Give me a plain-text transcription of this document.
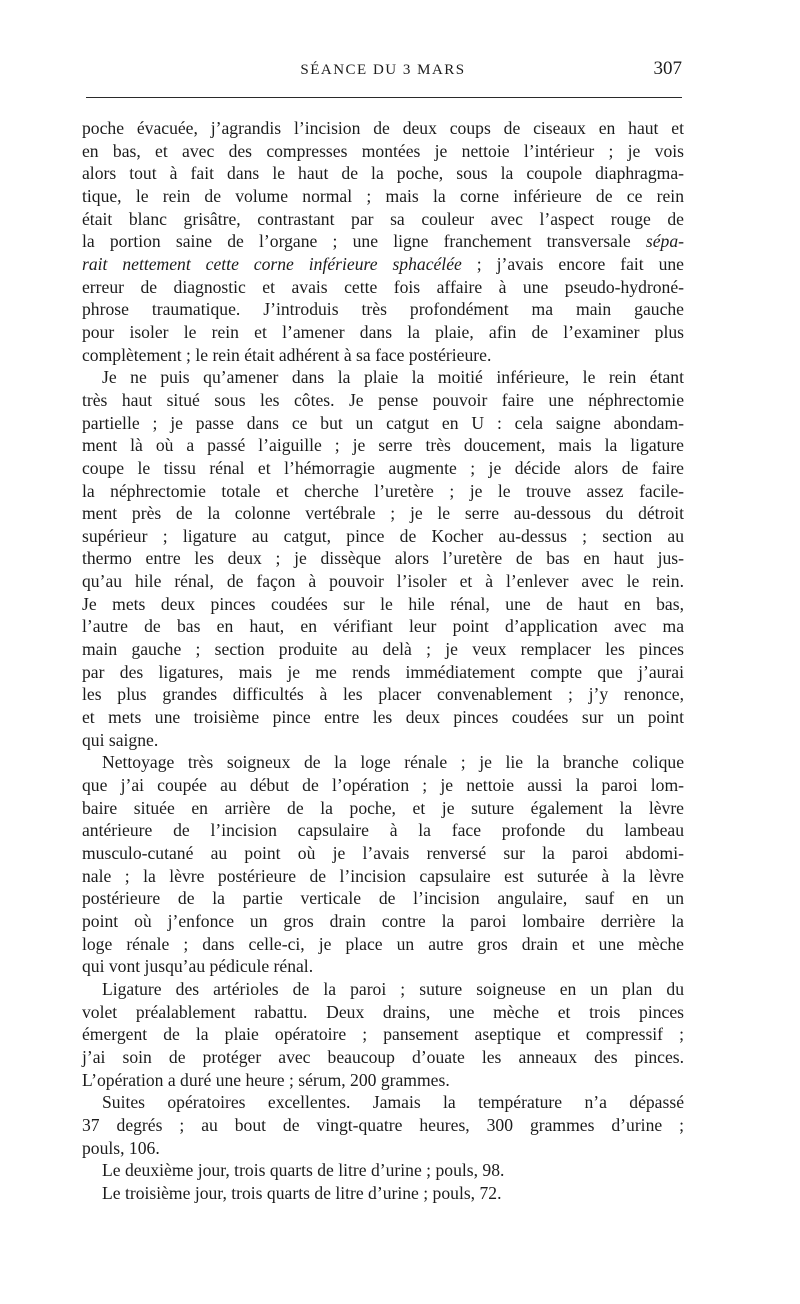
SÉANCE DU 3 MARS	307

poche évacuée, j’agrandis l’incision de deux coups de ciseaux en haut et

en bas, et avec des compresses montées je nettoie l’intérieur ; je vois

alors tout à fait dans le haut de la poche, sous la coupole diaphragma-

tique, le rein de volume normal ; mais la corne inférieure de ce rein

était blanc grisâtre, contrastant par sa couleur avec l’aspect rouge de

la portion saine de l’organe ; une ligne franchement transversale sépa-

rait nettement cette corne inférieure sphacélée ; j’avais encore fait une

erreur de diagnostic et avais cette fois affaire à une pseudo-hydroné-

phrose traumatique. J’introduis très profondément ma main gauche

pour isoler le rein et l’amener dans la plaie, afin de l’examiner plus

complètement ; le rein était adhérent à sa face postérieure.

Je ne puis qu’amener dans la plaie la moitié inférieure, le rein étant

très haut situé sous les côtes. Je pense pouvoir faire une néphrectomie

partielle ; je passe dans ce but un catgut en U : cela saigne abondam-

ment là où a passé l’aiguille ; je serre très doucement, mais la ligature

coupe le tissu rénal et l’hémorragie augmente ; je décide alors de faire

la néphrectomie totale et cherche l’uretère ; je le trouve assez facile-

ment près de la colonne vertébrale ; je le serre au-dessous du détroit

supérieur ; ligature au catgut, pince de Kocher au-dessus ; section au

thermo entre les deux ; je dissèque alors l’uretère de bas en haut jus-

qu’au hile rénal, de façon à pouvoir l’isoler et à l’enlever avec le rein.

Je mets deux pinces coudées sur le hile rénal, une de haut en bas,

l’autre de bas en haut, en vérifiant leur point d’application avec ma

main gauche ; section produite au delà ; je veux remplacer les pinces

par des ligatures, mais je me rends immédiatement compte que j’aurai

les plus grandes difficultés à les placer convenablement ; j’y renonce,

et mets une troisième pince entre les deux pinces coudées sur un point

qui saigne.

Nettoyage très soigneux de la loge rénale ; je lie la branche colique

que j’ai coupée au début de l’opération ; je nettoie aussi la paroi lom-

baire située en arrière de la poche, et je suture également la lèvre

antérieure de l’incision capsulaire à la face profonde du lambeau

musculo-cutané au point où je l’avais renversé sur la paroi abdomi-

nale ; la lèvre postérieure de l’incision capsulaire est suturée à la lèvre

postérieure de la partie verticale de l’incision angulaire, sauf en un

point où j’enfonce un gros drain contre la paroi lombaire derrière la

loge rénale ; dans celle-ci, je place un autre gros drain et une mèche

qui vont jusqu’au pédicule rénal.

Ligature des artérioles de la paroi ; suture soigneuse en un plan du

volet préalablement rabattu. Deux drains, une mèche et trois pinces

émergent de la plaie opératoire ; pansement aseptique et compressif ;

j’ai soin de protéger avec beaucoup d’ouate les anneaux des pinces.

L’opération a duré une heure ; sérum, 200 grammes.

Suites opératoires excellentes. Jamais la température n’a dépassé

37 degrés ; au bout de vingt-quatre heures, 300 grammes d’urine ;

pouls, 106.

Le deuxième jour, trois quarts de litre d’urine ; pouls, 98.

Le troisième jour, trois quarts de litre d’urine ; pouls, 72.
